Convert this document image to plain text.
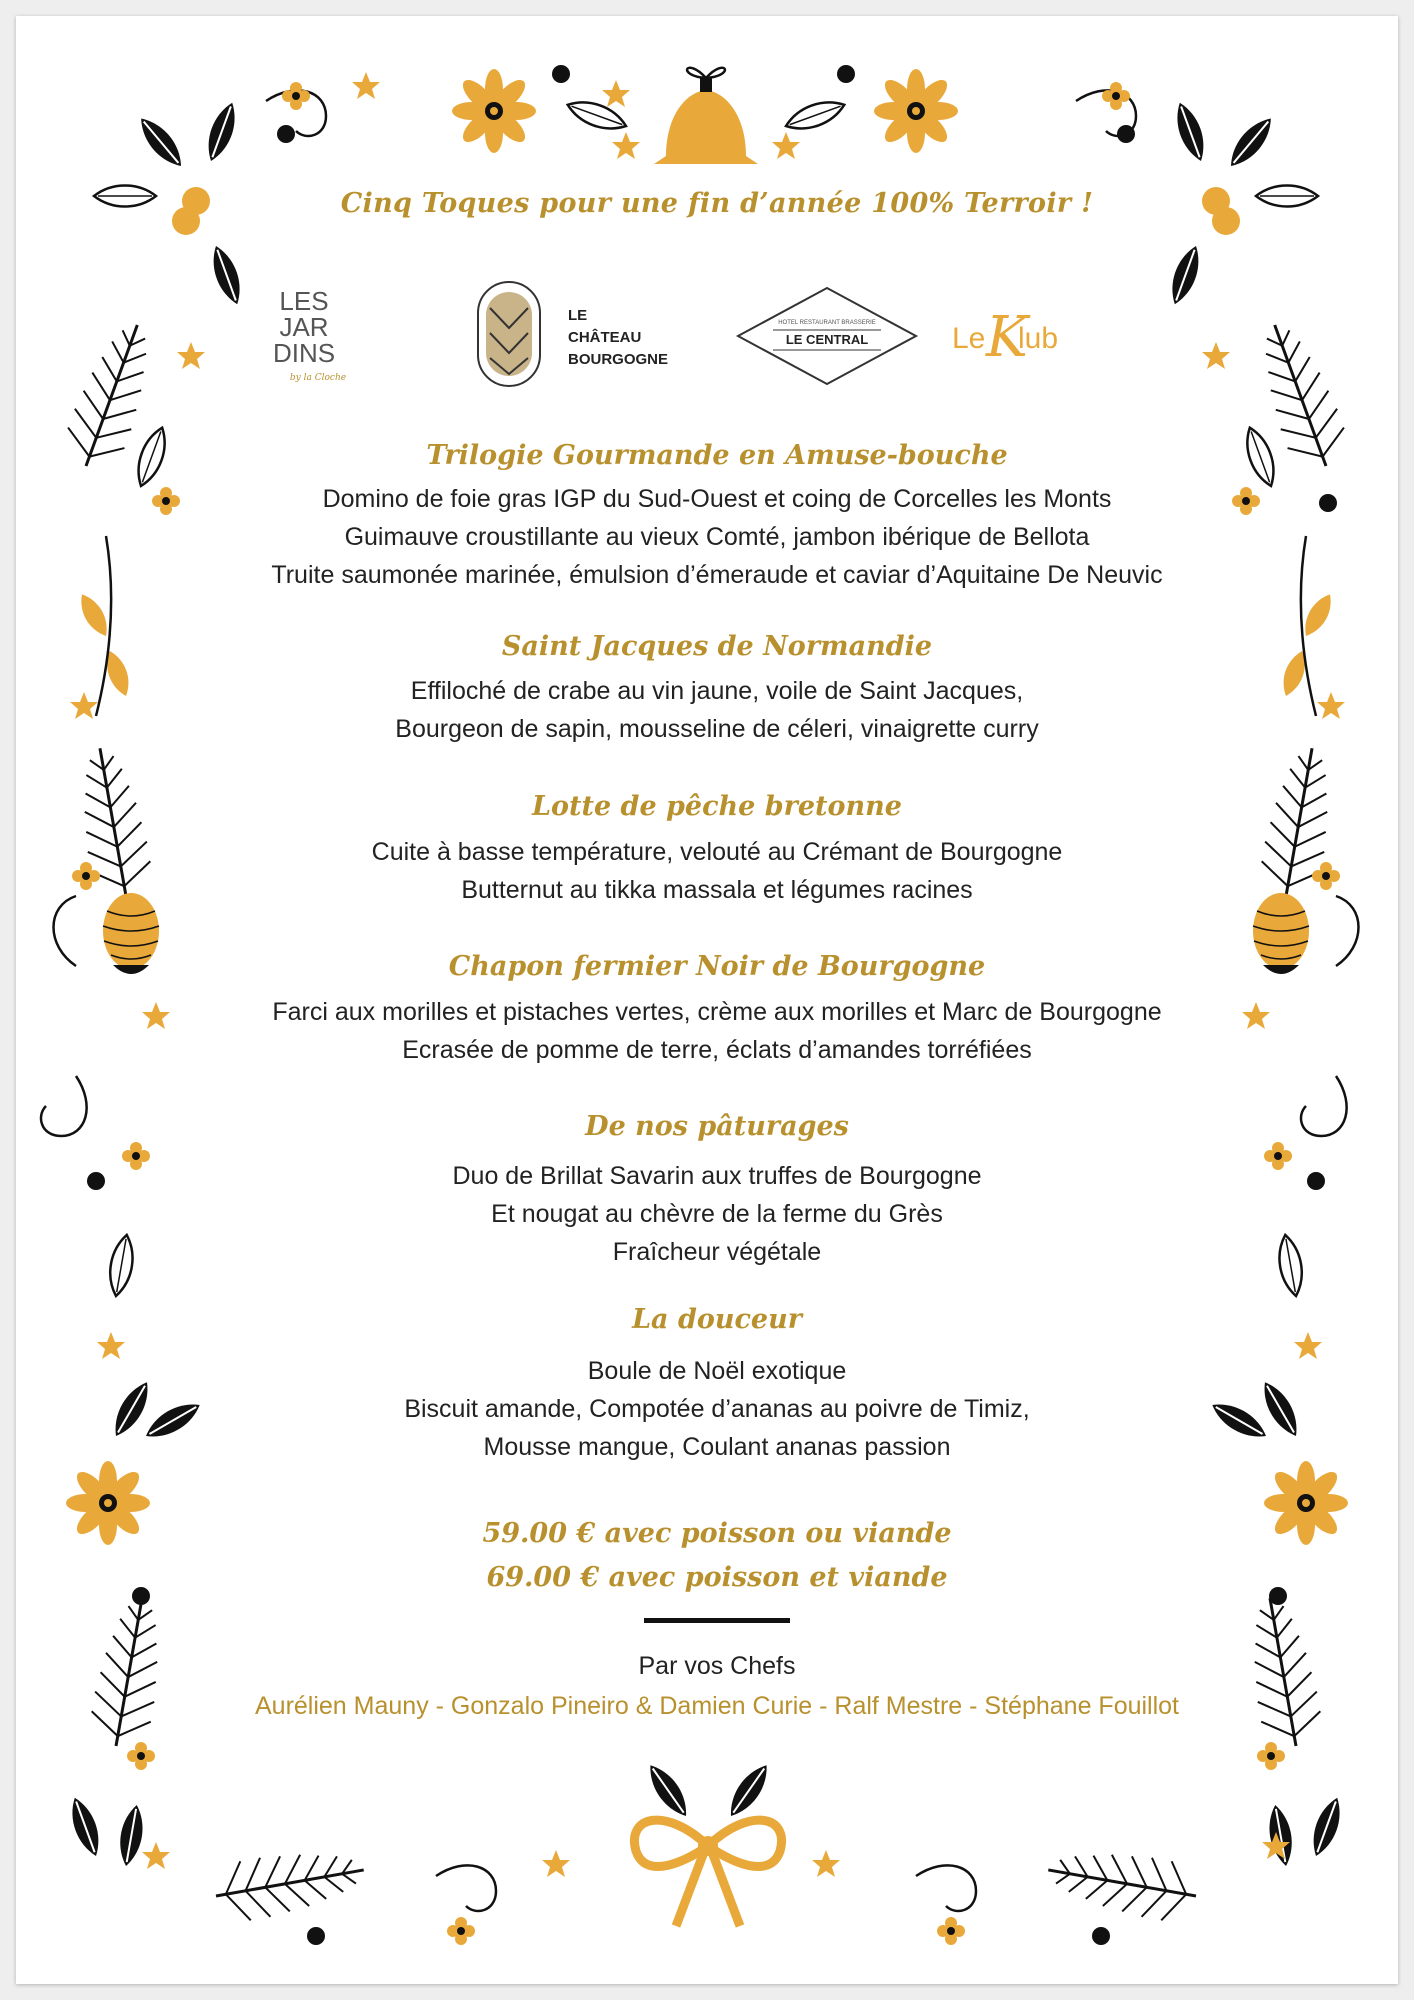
Cinq Toques pour une fin d’année 100% Terroir !
LES
JAR
DINS
by la Cloche
LE
CHÂTEAU
BOURGOGNE
HOTEL RESTAURANT BRASSERIE
LE CENTRAL	Le K
lub
Trilogie Gourmande en Amuse-bouche
Domino de foie gras IGP du Sud-Ouest et coing de Corcelles les Monts
Guimauve croustillante au vieux Comté, jambon ibérique de Bellota
Truite saumonée marinée, émulsion d’émeraude et caviar d’Aquitaine De Neuvic
Saint Jacques de Normandie
Effiloché de crabe au vin jaune, voile de Saint Jacques,
Bourgeon de sapin, mousseline de céleri, vinaigrette curry
Lotte de pêche bretonne
Cuite à basse température, velouté au Crémant de Bourgogne
Butternut au tikka massala et légumes racines
Chapon fermier Noir de Bourgogne
Farci aux morilles et pistaches vertes, crème aux morilles et Marc de Bourgogne
Ecrasée de pomme de terre, éclats d’amandes torréfiées
De nos pâturages
Duo de Brillat Savarin aux truffes de Bourgogne
Et nougat au chèvre de la ferme du Grès
Fraîcheur végétale
La douceur
Boule de Noël exotique
Biscuit amande, Compotée d’ananas au poivre de Timiz,
Mousse mangue, Coulant ananas passion
59.00 € avec poisson ou viande
69.00 € avec poisson et viande
Par vos Chefs
Aurélien Mauny - Gonzalo Pineiro & Damien Curie - Ralf Mestre - Stéphane Fouillot
